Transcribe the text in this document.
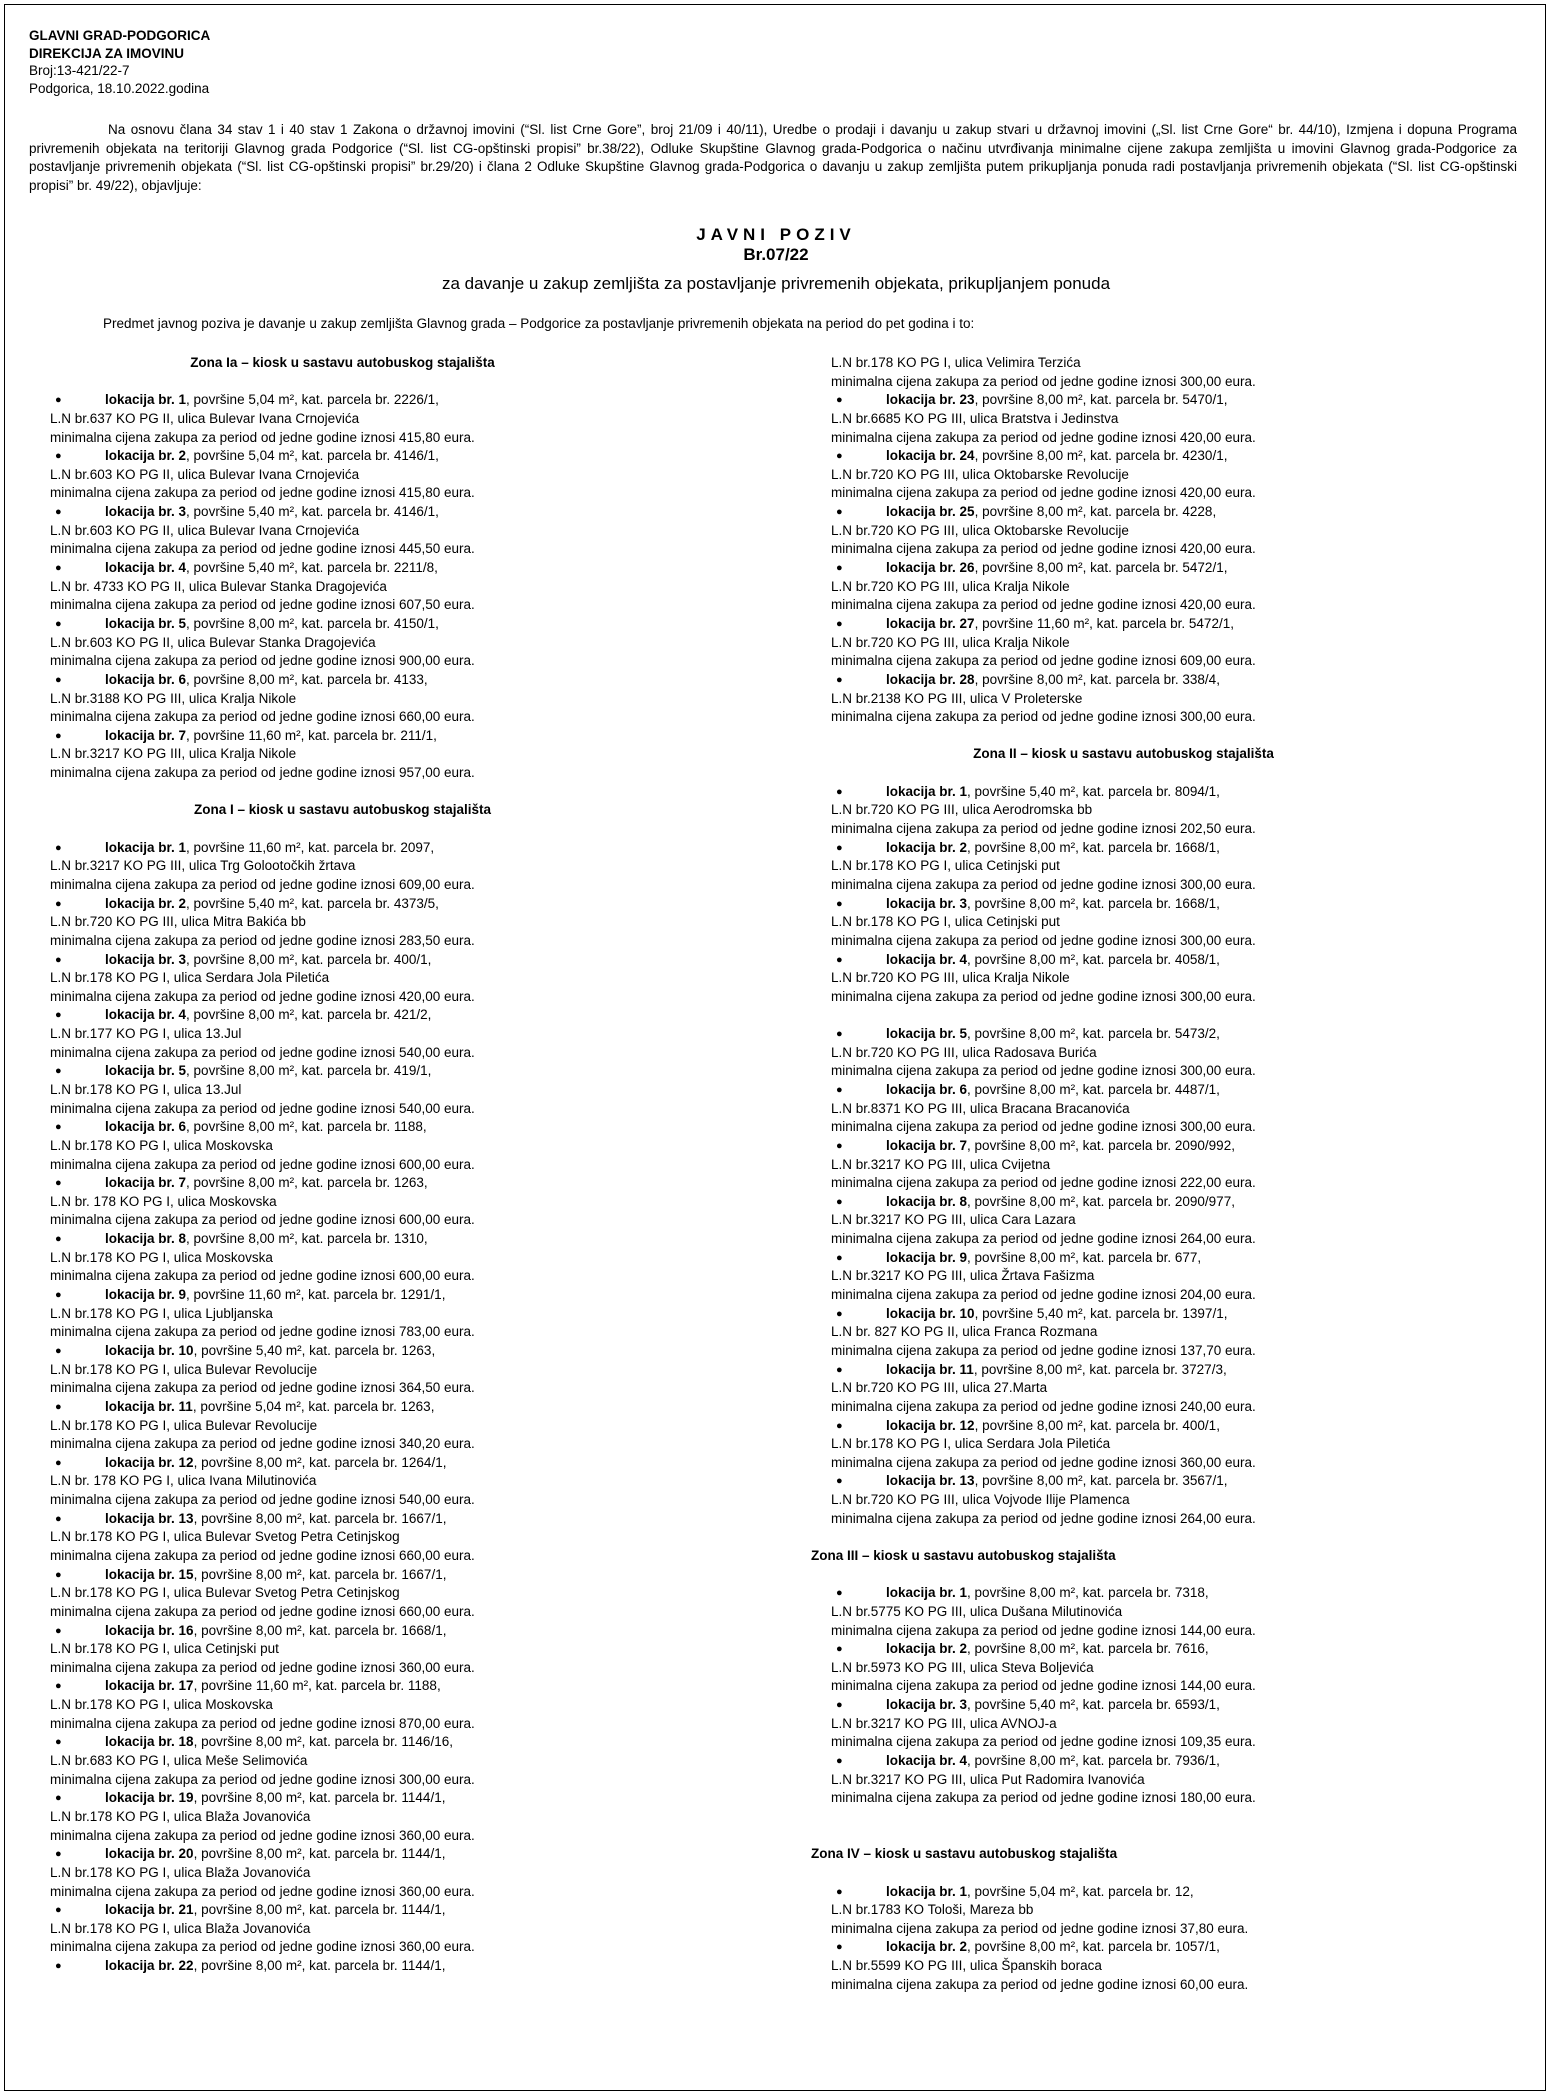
GLAVNI GRAD-PODGORICA
DIREKCIJA ZA IMOVINU
Broj:13-421/22-7
Podgorica, 18.10.2022.godina
Na osnovu člana 34 stav 1 i 40 stav 1 Zakona o državnoj imovini (“Sl. list Crne Gore”, broj 21/09 i 40/11), Uredbe o prodaji i davanju u zakup stvari u državnoj imovini („Sl. list Crne Gore“ br. 44/10), Izmjena i dopuna Programa privremenih objekata na teritoriji Glavnog grada Podgorice (“Sl. list CG-opštinski propisi” br.38/22), Odluke Skupštine Glavnog grada-Podgorica o načinu utvrđivanja minimalne cijene zakupa zemljišta u imovini Glavnog grada-Podgorice za postavljanje privremenih objekata (“Sl. list CG-opštinski propisi” br.29/20) i člana 2 Odluke Skupštine Glavnog grada-Podgorica o davanju u zakup zemljišta putem prikupljanja ponuda radi postavljanja privremenih objekata (“Sl. list CG-opštinski propisi” br. 49/22), objavljuje:
JAVNI POZIV
Br.07/22
za davanje u zakup zemljišta za postavljanje privremenih objekata, prikupljanjem ponuda
Predmet javnog poziva je davanje u zakup zemljišta Glavnog grada – Podgorice za postavljanje privremenih objekata na period do pet godina i to:
Zona Ia – kiosk u sastavu autobuskog stajališta
●	lokacija br. 1, površine 5,04 m², kat. parcela br. 2226/1,
L.N br.637 KO PG II, ulica Bulevar Ivana Crnojevića
minimalna cijena zakupa za period od jedne godine iznosi 415,80 eura.
●	lokacija br. 2, površine 5,04 m², kat. parcela br. 4146/1,
L.N br.603 KO PG II, ulica Bulevar Ivana Crnojevića
minimalna cijena zakupa za period od jedne godine iznosi 415,80 eura.
●	lokacija br. 3, površine 5,40 m², kat. parcela br. 4146/1,
L.N br.603 KO PG II, ulica Bulevar Ivana Crnojevića
minimalna cijena zakupa za period od jedne godine iznosi 445,50 eura.
●	lokacija br. 4, površine 5,40 m², kat. parcela br. 2211/8,
L.N br. 4733 KO PG II, ulica Bulevar Stanka Dragojevića
minimalna cijena zakupa za period od jedne godine iznosi 607,50 eura.
●	lokacija br. 5, površine 8,00 m², kat. parcela br. 4150/1,
L.N br.603 KO PG II, ulica Bulevar Stanka Dragojevića
minimalna cijena zakupa za period od jedne godine iznosi 900,00 eura.
●	lokacija br. 6, površine 8,00 m², kat. parcela br. 4133,
L.N br.3188 KO PG III, ulica Kralja Nikole
minimalna cijena zakupa za period od jedne godine iznosi 660,00 eura.
●	lokacija br. 7, površine 11,60 m², kat. parcela br. 211/1,
L.N br.3217 KO PG III, ulica Kralja Nikole
minimalna cijena zakupa za period od jedne godine iznosi 957,00 eura.
Zona I – kiosk u sastavu autobuskog stajališta
●	lokacija br. 1, površine 11,60 m², kat. parcela br. 2097,
L.N br.3217 KO PG III, ulica Trg Golootočkih žrtava
minimalna cijena zakupa za period od jedne godine iznosi 609,00 eura.
●	lokacija br. 2, površine 5,40 m², kat. parcela br. 4373/5,
L.N br.720 KO PG III, ulica Mitra Bakića bb
minimalna cijena zakupa za period od jedne godine iznosi 283,50 eura.
●	lokacija br. 3, površine 8,00 m², kat. parcela br. 400/1,
L.N br.178 KO PG I, ulica Serdara Jola Piletića
minimalna cijena zakupa za period od jedne godine iznosi 420,00 eura.
●	lokacija br. 4, površine 8,00 m², kat. parcela br. 421/2,
L.N br.177 KO PG I, ulica 13.Jul
minimalna cijena zakupa za period od jedne godine iznosi 540,00 eura.
●	lokacija br. 5, površine 8,00 m², kat. parcela br. 419/1,
L.N br.178 KO PG I, ulica 13.Jul
minimalna cijena zakupa za period od jedne godine iznosi 540,00 eura.
●	lokacija br. 6, površine 8,00 m², kat. parcela br. 1188,
L.N br.178 KO PG I, ulica Moskovska
minimalna cijena zakupa za period od jedne godine iznosi 600,00 eura.
●	lokacija br. 7, površine 8,00 m², kat. parcela br. 1263,
L.N br. 178 KO PG I, ulica Moskovska
minimalna cijena zakupa za period od jedne godine iznosi 600,00 eura.
●	lokacija br. 8, površine 8,00 m², kat. parcela br. 1310,
L.N br.178 KO PG I, ulica Moskovska
minimalna cijena zakupa za period od jedne godine iznosi 600,00 eura.
●	lokacija br. 9, površine 11,60 m², kat. parcela br. 1291/1,
L.N br.178 KO PG I, ulica Ljubljanska
minimalna cijena zakupa za period od jedne godine iznosi 783,00 eura.
●	lokacija br. 10, površine 5,40 m², kat. parcela br. 1263,
L.N br.178 KO PG I, ulica Bulevar Revolucije
minimalna cijena zakupa za period od jedne godine iznosi 364,50 eura.
●	lokacija br. 11, površine 5,04 m², kat. parcela br. 1263,
L.N br.178 KO PG I, ulica Bulevar Revolucije
minimalna cijena zakupa za period od jedne godine iznosi 340,20 eura.
●	lokacija br. 12, površine 8,00 m², kat. parcela br. 1264/1,
L.N br. 178 KO PG I, ulica Ivana Milutinovića
minimalna cijena zakupa za period od jedne godine iznosi 540,00 eura.
●	lokacija br. 13, površine 8,00 m², kat. parcela br. 1667/1,
L.N br.178 KO PG I, ulica Bulevar Svetog Petra Cetinjskog
minimalna cijena zakupa za period od jedne godine iznosi 660,00 eura.
●	lokacija br. 15, površine 8,00 m², kat. parcela br. 1667/1,
L.N br.178 KO PG I, ulica Bulevar Svetog Petra Cetinjskog
minimalna cijena zakupa za period od jedne godine iznosi 660,00 eura.
●	lokacija br. 16, površine 8,00 m², kat. parcela br. 1668/1,
L.N br.178 KO PG I, ulica Cetinjski put
minimalna cijena zakupa za period od jedne godine iznosi 360,00 eura.
●	lokacija br. 17, površine 11,60 m², kat. parcela br. 1188,
L.N br.178 KO PG I, ulica Moskovska
minimalna cijena zakupa za period od jedne godine iznosi 870,00 eura.
●	lokacija br. 18, površine 8,00 m², kat. parcela br. 1146/16,
L.N br.683 KO PG I, ulica Meše Selimovića
minimalna cijena zakupa za period od jedne godine iznosi 300,00 eura.
●	lokacija br. 19, površine 8,00 m², kat. parcela br. 1144/1,
L.N br.178 KO PG I, ulica Blaža Jovanovića
minimalna cijena zakupa za period od jedne godine iznosi 360,00 eura.
●	lokacija br. 20, površine 8,00 m², kat. parcela br. 1144/1,
L.N br.178 KO PG I, ulica Blaža Jovanovića
minimalna cijena zakupa za period od jedne godine iznosi 360,00 eura.
●	lokacija br. 21, površine 8,00 m², kat. parcela br. 1144/1,
L.N br.178 KO PG I, ulica Blaža Jovanovića
minimalna cijena zakupa za period od jedne godine iznosi 360,00 eura.
●	lokacija br. 22, površine 8,00 m², kat. parcela br. 1144/1,
L.N br.178 KO PG I, ulica Velimira Terzića
minimalna cijena zakupa za period od jedne godine iznosi 300,00 eura.
●	lokacija br. 23, površine 8,00 m², kat. parcela br. 5470/1,
L.N br.6685 KO PG III, ulica Bratstva i Jedinstva
minimalna cijena zakupa za period od jedne godine iznosi 420,00 eura.
●	lokacija br. 24, površine 8,00 m², kat. parcela br. 4230/1,
L.N br.720 KO PG III, ulica Oktobarske Revolucije
minimalna cijena zakupa za period od jedne godine iznosi 420,00 eura.
●	lokacija br. 25, površine 8,00 m², kat. parcela br. 4228,
L.N br.720 KO PG III, ulica Oktobarske Revolucije
minimalna cijena zakupa za period od jedne godine iznosi 420,00 eura.
●	lokacija br. 26, površine 8,00 m², kat. parcela br. 5472/1,
L.N br.720 KO PG III, ulica Kralja Nikole
minimalna cijena zakupa za period od jedne godine iznosi 420,00 eura.
●	lokacija br. 27, površine 11,60 m², kat. parcela br. 5472/1,
L.N br.720 KO PG III, ulica Kralja Nikole
minimalna cijena zakupa za period od jedne godine iznosi 609,00 eura.
●	lokacija br. 28, površine 8,00 m², kat. parcela br. 338/4,
L.N br.2138 KO PG III, ulica V Proleterske
minimalna cijena zakupa za period od jedne godine iznosi 300,00 eura.
Zona II – kiosk u sastavu autobuskog stajališta
●	lokacija br. 1, površine 5,40 m², kat. parcela br. 8094/1,
L.N br.720 KO PG III, ulica Aerodromska bb
minimalna cijena zakupa za period od jedne godine iznosi 202,50 eura.
●	lokacija br. 2, površine 8,00 m², kat. parcela br. 1668/1,
L.N br.178 KO PG I, ulica Cetinjski put
minimalna cijena zakupa za period od jedne godine iznosi 300,00 eura.
●	lokacija br. 3, površine 8,00 m², kat. parcela br. 1668/1,
L.N br.178 KO PG I, ulica Cetinjski put
minimalna cijena zakupa za period od jedne godine iznosi 300,00 eura.
●	lokacija br. 4, površine 8,00 m², kat. parcela br. 4058/1,
L.N br.720 KO PG III, ulica Kralja Nikole
minimalna cijena zakupa za period od jedne godine iznosi 300,00 eura.
●	lokacija br. 5, površine 8,00 m², kat. parcela br. 5473/2,
L.N br.720 KO PG III, ulica Radosava Burića
minimalna cijena zakupa za period od jedne godine iznosi 300,00 eura.
●	lokacija br. 6, površine 8,00 m², kat. parcela br. 4487/1,
L.N br.8371 KO PG III, ulica Bracana Bracanovića
minimalna cijena zakupa za period od jedne godine iznosi 300,00 eura.
●	lokacija br. 7, površine 8,00 m², kat. parcela br. 2090/992,
L.N br.3217 KO PG III, ulica Cvijetna
minimalna cijena zakupa za period od jedne godine iznosi 222,00 eura.
●	lokacija br. 8, površine 8,00 m², kat. parcela br. 2090/977,
L.N br.3217 KO PG III, ulica Cara Lazara
minimalna cijena zakupa za period od jedne godine iznosi 264,00 eura.
●	lokacija br. 9, površine 8,00 m², kat. parcela br. 677,
L.N br.3217 KO PG III, ulica Žrtava Fašizma
minimalna cijena zakupa za period od jedne godine iznosi 204,00 eura.
●	lokacija br. 10, površine 5,40 m², kat. parcela br. 1397/1,
L.N br. 827 KO PG II, ulica Franca Rozmana
minimalna cijena zakupa za period od jedne godine iznosi 137,70 eura.
●	lokacija br. 11, površine 8,00 m², kat. parcela br. 3727/3,
L.N br.720 KO PG III, ulica 27.Marta
minimalna cijena zakupa za period od jedne godine iznosi 240,00 eura.
●	lokacija br. 12, površine 8,00 m², kat. parcela br. 400/1,
L.N br.178 KO PG I, ulica Serdara Jola Piletića
minimalna cijena zakupa za period od jedne godine iznosi 360,00 eura.
●	lokacija br. 13, površine 8,00 m², kat. parcela br. 3567/1,
L.N br.720 KO PG III, ulica Vojvode Ilije Plamenca
minimalna cijena zakupa za period od jedne godine iznosi 264,00 eura.
Zona III – kiosk u sastavu autobuskog stajališta
●	lokacija br. 1, površine 8,00 m², kat. parcela br. 7318,
L.N br.5775 KO PG III, ulica Dušana Milutinovića
minimalna cijena zakupa za period od jedne godine iznosi 144,00 eura.
●	lokacija br. 2, površine 8,00 m², kat. parcela br. 7616,
L.N br.5973 KO PG III, ulica Steva Boljevića
minimalna cijena zakupa za period od jedne godine iznosi 144,00 eura.
●	lokacija br. 3, površine 5,40 m², kat. parcela br. 6593/1,
L.N br.3217 KO PG III, ulica AVNOJ-a
minimalna cijena zakupa za period od jedne godine iznosi 109,35 eura.
●	lokacija br. 4, površine 8,00 m², kat. parcela br. 7936/1,
L.N br.3217 KO PG III, ulica Put Radomira Ivanovića
minimalna cijena zakupa za period od jedne godine iznosi 180,00 eura.
Zona IV – kiosk u sastavu autobuskog stajališta
●	lokacija br. 1, površine 5,04 m², kat. parcela br. 12,
L.N br.1783 KO Tološi, Mareza bb
minimalna cijena zakupa za period od jedne godine iznosi 37,80 eura.
●	lokacija br. 2, površine 8,00 m², kat. parcela br. 1057/1,
L.N br.5599 KO PG III, ulica Španskih boraca
minimalna cijena zakupa za period od jedne godine iznosi 60,00 eura.
